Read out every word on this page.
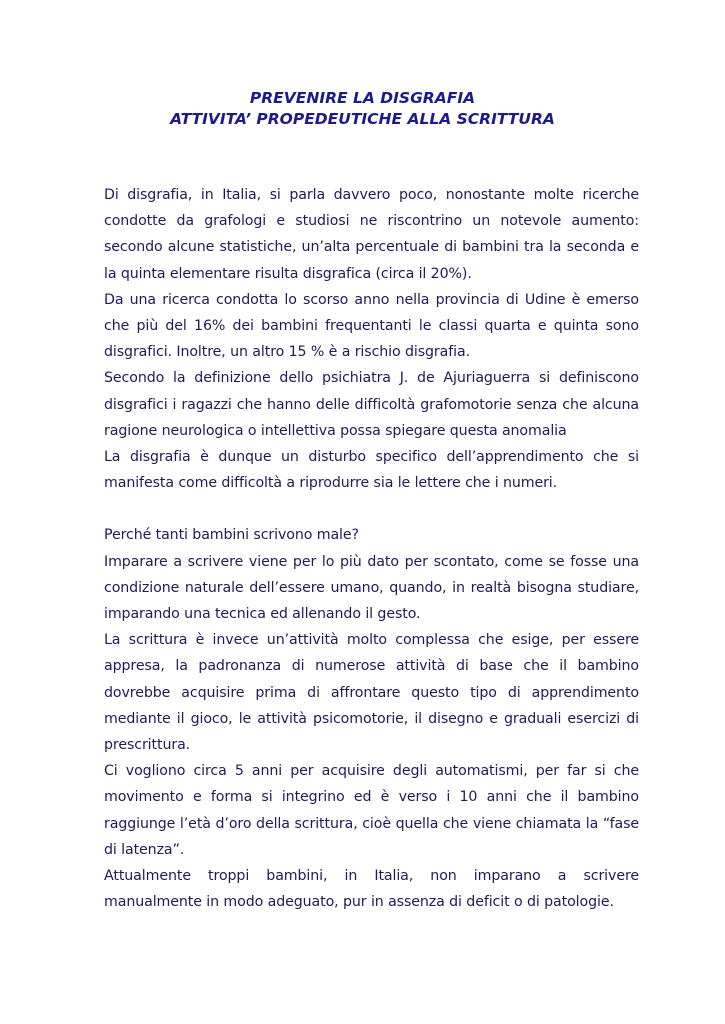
PREVENIRE LA DISGRAFIA
ATTIVITA’ PROPEDEUTICHE ALLA SCRITTURA

Di disgrafia, in Italia, si parla davvero poco, nonostante molte ricerche condotte da grafologi e studiosi ne riscontrino un notevole aumento: secondo alcune statistiche, un’alta percentuale di bambini tra la seconda e la quinta elementare risulta disgrafica (circa il 20%).

Da una ricerca condotta lo scorso anno nella provincia di Udine è emerso che più del 16% dei bambini frequentanti le classi quarta e quinta sono disgrafici. Inoltre, un altro 15 % è a rischio disgrafia.

Secondo la definizione dello psichiatra J. de Ajuriaguerra si definiscono disgrafici i ragazzi che hanno delle difficoltà grafomotorie senza che alcuna ragione neurologica o intellettiva possa spiegare questa anomalia

La disgrafia è dunque un disturbo specifico dell’apprendimento che si manifesta come difficoltà a riprodurre sia le lettere che i numeri.

Perché tanti bambini scrivono male?

Imparare a scrivere viene per lo più dato per scontato, come se fosse una condizione naturale dell’essere umano, quando, in realtà bisogna studiare, imparando una tecnica ed allenando il gesto.

La scrittura è invece un’attività molto complessa che esige, per essere appresa, la padronanza di numerose attività di base che il bambino dovrebbe acquisire prima di affrontare questo tipo di apprendimento mediante il gioco, le attività psicomotorie, il disegno e graduali esercizi di prescrittura.

Ci vogliono circa 5 anni per acquisire degli automatismi, per far si che movimento e forma si integrino ed è verso i 10 anni che il bambino raggiunge l’età d’oro della scrittura, cioè quella che viene chiamata la “fase di latenza”.

Attualmente troppi bambini, in Italia, non imparano a scrivere manualmente in modo adeguato, pur in assenza di deficit o di patologie.
